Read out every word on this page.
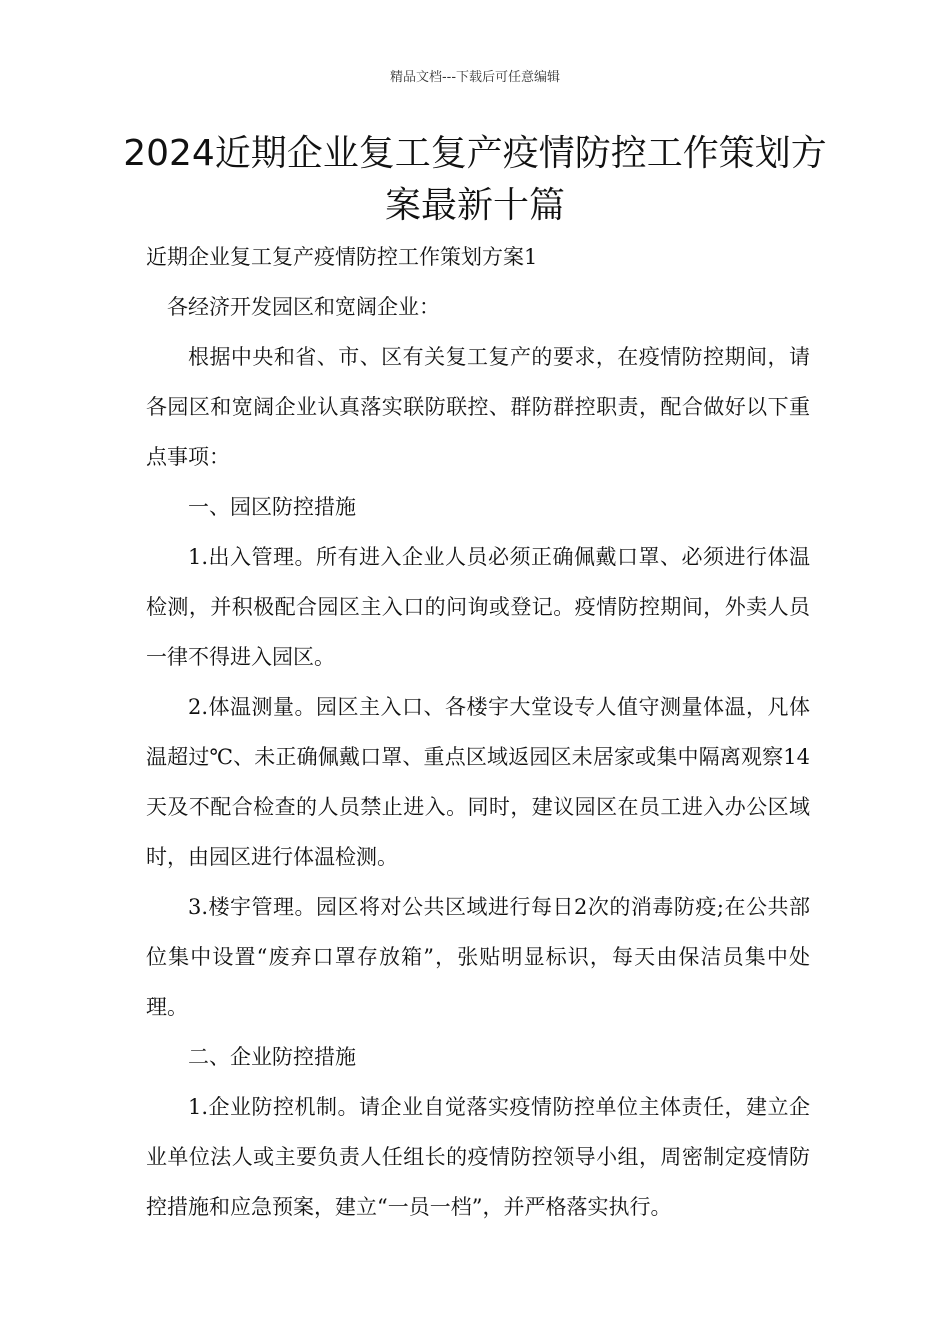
精品文档---下载后可任意编辑
2024近期企业复工复产疫情防控工作策划方案最新十篇

近期企业复工复产疫情防控工作策划方案1

各经济开发园区和宽阔企业：

根据中央和省、市、区有关复工复产的要求，在疫情防控期间，请各园区和宽阔企业认真落实联防联控、群防群控职责，配合做好以下重点事项：

一、园区防控措施

1.出入管理。所有进入企业人员必须正确佩戴口罩、必须进行体温检测，并积极配合园区主入口的问询或登记。疫情防控期间，外卖人员一律不得进入园区。

2.体温测量。园区主入口、各楼宇大堂设专人值守测量体温，凡体温超过℃、未正确佩戴口罩、重点区域返园区未居家或集中隔离观察14天及不配合检查的人员禁止进入。同时，建议园区在员工进入办公区域时，由园区进行体温检测。

3.楼宇管理。园区将对公共区域进行每日2次的消毒防疫;在公共部位集中设置“废弃口罩存放箱”，张贴明显标识，每天由保洁员集中处理。

二、企业防控措施

1.企业防控机制。请企业自觉落实疫情防控单位主体责任，建立企业单位法人或主要负责人任组长的疫情防控领导小组，周密制定疫情防控措施和应急预案，建立“一员一档”，并严格落实执行。
